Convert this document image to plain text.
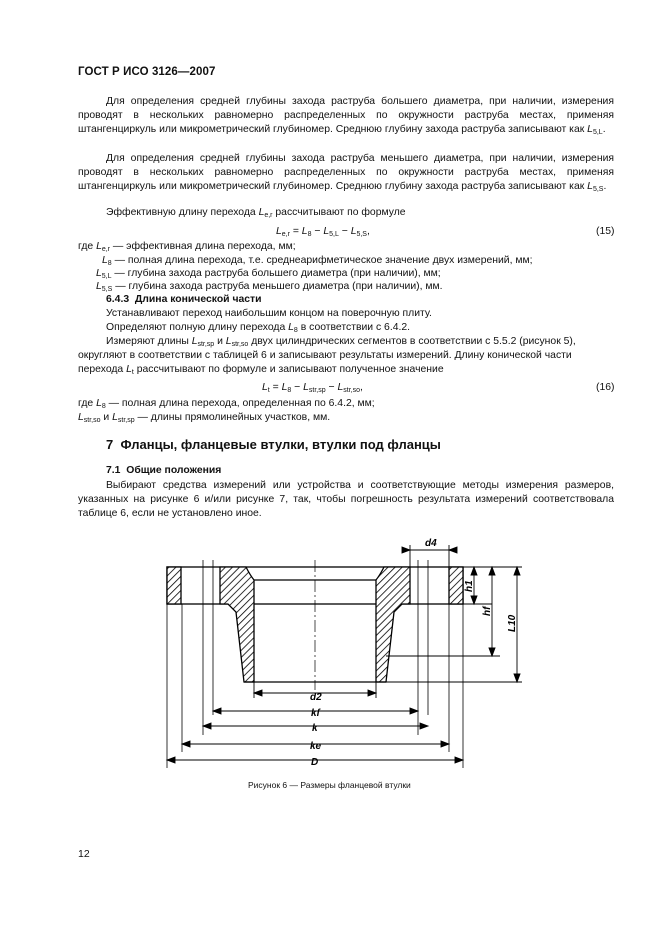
ГОСТ Р ИСО 3126—2007
Для определения средней глубины захода раструба большего диаметра, при наличии, измерения проводят в нескольких равномерно распределенных по окружности раструба местах, применяя штангенциркуль или микрометрический глубиномер. Среднюю глубину захода раструба записывают как $L_{5,L}$.
Для определения средней глубины захода раструба меньшего диаметра, при наличии, измерения проводят в нескольких равномерно распределенных по окружности раструба местах, применяя штангенциркуль или микрометрический глубиномер. Среднюю глубину захода раструба записывают как $L_{5,S}$.
Эффективную длину перехода $L_{e,r}$ рассчитывают по формуле
$L_{e,r} = L_8 - L_{5,L} - L_{5,S}$,	(15)
где $L_{e,r}$ — эффективная длина перехода, мм;
$L_8$ — полная длина перехода, т.е. среднеарифметическое значение двух измерений, мм;
$L_{5,L}$ — глубина захода раструба большего диаметра (при наличии), мм;
$L_{5,S}$ — глубина захода раструба меньшего диаметра (при наличии), мм.
6.4.3 Длина конической части
Устанавливают переход наибольшим концом на поверочную плиту.
Определяют полную длину перехода $L_8$ в соответствии с 6.4.2.
Измеряют длины $L_{str,sp}$ и $L_{str,so}$ двух цилиндрических сегментов в соответствии с 5.5.2 (рисунок 5),
округляют в соответствии с таблицей 6 и записывают результаты измерений. Длину конической части
перехода $L_t$ рассчитывают по формуле и записывают полученное значение
$L_t = L_8 - L_{str,sp} - L_{str,so}$,	(16)
где $L_8$ — полная длина перехода, определенная по 6.4.2, мм;
$L_{str,so}$ и $L_{str,sp}$ — длины прямолинейных участков, мм.
7 Фланцы, фланцевые втулки, втулки под фланцы
7.1 Общие положения
Выбирают средства измерений или устройства и соответствующие методы измерения размеров, указанных на рисунке 6 и/или рисунке 7, так, чтобы погрешность результата измерений соответствовала таблице 6, если не установлено иное.
d4
d2
kf
k
ke
D
h1
hf
L10
Рисунок 6 — Размеры фланцевой втулки
12
